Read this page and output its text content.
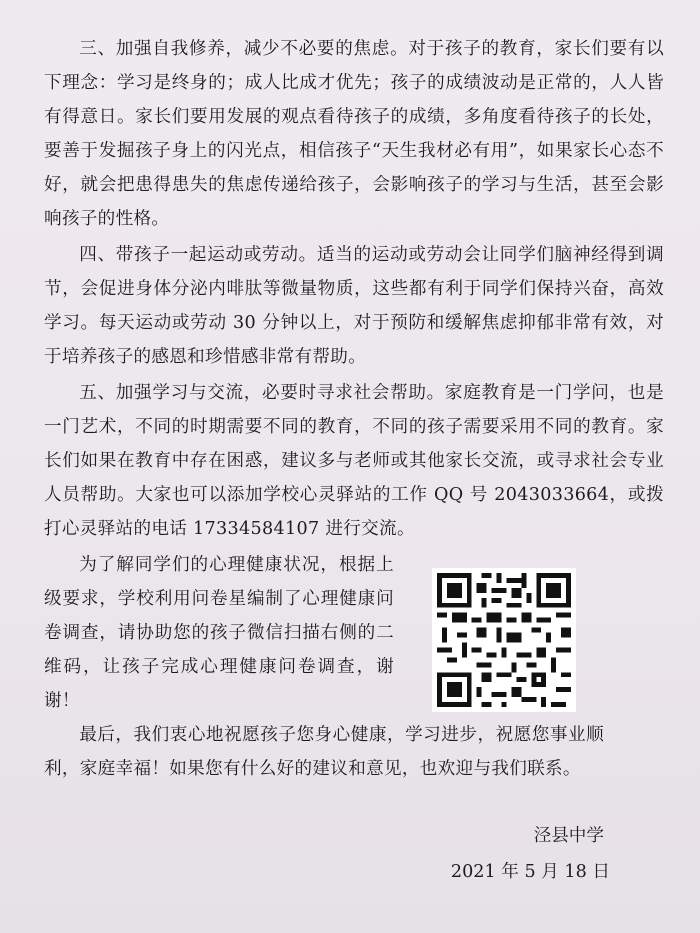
三、加强自我修养，减少不必要的焦虑。对于孩子的教育，家长们要有以下理念：学习是终身的；成人比成才优先；孩子的成绩波动是正常的，人人皆有得意日。家长们要用发展的观点看待孩子的成绩，多角度看待孩子的长处，要善于发掘孩子身上的闪光点，相信孩子“天生我材必有用”，如果家长心态不好，就会把患得患失的焦虑传递给孩子，会影响孩子的学习与生活，甚至会影响孩子的性格。

四、带孩子一起运动或劳动。适当的运动或劳动会让同学们脑神经得到调节，会促进身体分泌内啡肽等微量物质，这些都有利于同学们保持兴奋，高效学习。每天运动或劳动 30 分钟以上，对于预防和缓解焦虑抑郁非常有效，对于培养孩子的感恩和珍惜感非常有帮助。

五、加强学习与交流，必要时寻求社会帮助。家庭教育是一门学问，也是一门艺术，不同的时期需要不同的教育，不同的孩子需要采用不同的教育。家长们如果在教育中存在困惑，建议多与老师或其他家长交流，或寻求社会专业人员帮助。大家也可以添加学校心灵驿站的工作 QQ 号 2043033664，或拨打心灵驿站的电话 17334584107 进行交流。

为了解同学们的心理健康状况，根据上级要求，学校利用问卷星编制了心理健康问卷调查，请协助您的孩子微信扫描右侧的二维码，让孩子完成心理健康问卷调查，谢谢！

最后，我们衷心地祝愿孩子您身心健康，学习进步，祝愿您事业顺利，家庭幸福！如果您有什么好的建议和意见，也欢迎与我们联系。

泾县中学
2021 年 5 月 18 日
